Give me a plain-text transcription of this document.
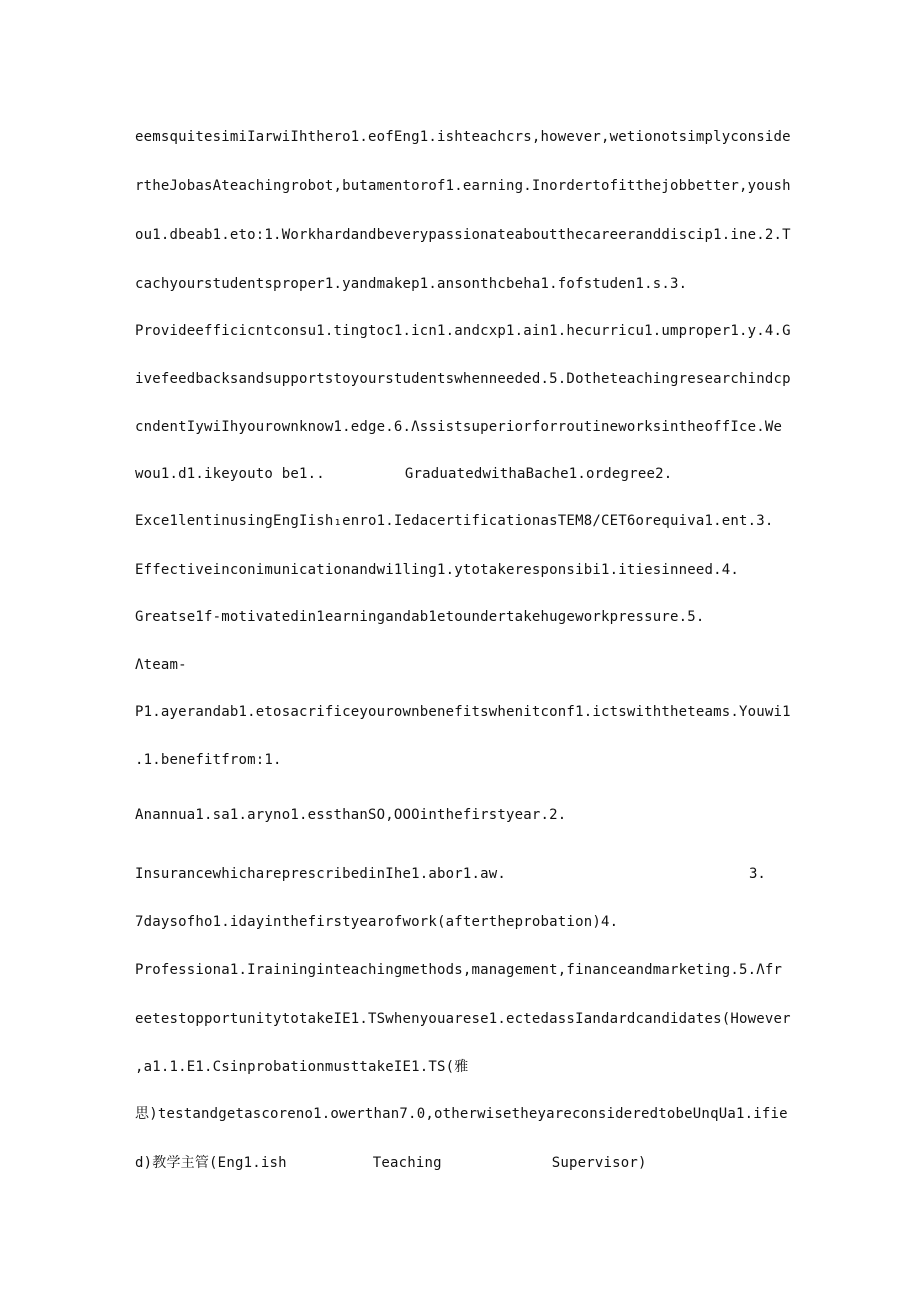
eemsquitesimiIarwiIhthero1.eofEng1.ishteachcrs,however,wetionotsimplyconside
rtheJobasAteachingrobot,butamentorof1.earning.Inordertofitthejobbetter,yoush
ou1.dbeab1.eto:1.Workhardandbeverypassionateaboutthecareeranddiscip1.ine.2.T
cachyourstudentsproper1.yandmakep1.ansonthcbeha1.fofstuden1.s.3.
Provideefficicntconsu1.tingtoc1.icn1.andcxp1.ain1.hecurricu1.umproper1.y.4.G
ivefeedbacksandsupportstoyourstudentswhenneeded.5.Dotheteachingresearchindcp
cndentIywiIhyourownknow1.edge.6.ΛssistsuperiorforroutineworksintheoffIce.We
wou1.d1.ikeyouto be1..	GraduatedwithaBache1.ordegree2.
Exce1lentinusingEngIish₁enro1.IedacertificationasTEM8/CET6orequiva1.ent.3.
Effectiveinconimunicationandwi1ling1.ytotakeresponsibi1.itiesinneed.4.
Greatse1f-motivatedin1earningandab1etoundertakehugeworkpressure.5.
Λteam-
P1.ayerandab1.etosacrificeyourownbenefitswhenitconf1.ictswiththeteams.Youwi1
.1.benefitfrom:1.
Anannua1.sa1.aryno1.essthanSO,OOOinthefirstyear.2.
InsurancewhichareprescribedinIhe1.abor1.aw.	3.
7daysofho1.idayinthefirstyearofwork(aftertheprobation)4.
Professiona1.Iraininginteachingmethods,management,financeandmarketing.5.Λfr
eetestopportunitytotakeIE1.TSwhenyouarese1.ectedassIandardcandidates(However
,a1.1.E1.CsinprobationmusttakeIE1.TS(雅
思)testandgetascoreno1.owerthan7.0,otherwisetheyareconsideredtobeUnqUa1.ifie
d)教学主管(Eng1.ish	Teaching	Supervisor)
